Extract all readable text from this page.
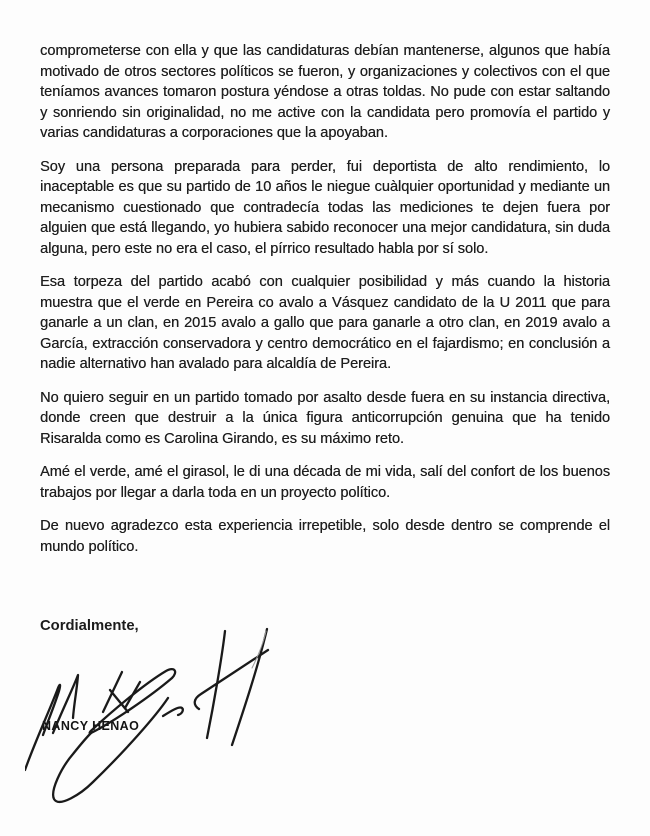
comprometerse con ella y que las candidaturas debían mantenerse, algunos que había motivado de otros sectores políticos se fueron, y organizaciones y colectivos con el que teníamos avances tomaron postura yéndose a otras toldas. No pude con estar saltando y sonriendo sin originalidad, no me active con la candidata pero promovía el partido y varias candidaturas a corporaciones que la apoyaban.

Soy una persona preparada para perder, fui deportista de alto rendimiento, lo inaceptable es que su partido de 10 años le niegue cuàlquier oportunidad y mediante un mecanismo cuestionado que contradecía todas las mediciones te dejen fuera por alguien que está llegando, yo hubiera sabido reconocer una mejor candidatura, sin duda alguna, pero este no era el caso, el pírrico resultado habla por sí solo.

Esa torpeza del partido acabó con cualquier posibilidad y más cuando la historia muestra que el verde en Pereira co avalo a Vásquez candidato de la U 2011 que para ganarle a un clan, en 2015 avalo a gallo que para ganarle a otro clan, en 2019 avalo a García, extracción conservadora y centro democrático en el fajardismo; en conclusión a nadie alternativo han avalado para alcaldía de Pereira.

No quiero seguir en un partido tomado por asalto desde fuera en su instancia directiva, donde creen que destruir a la única figura anticorrupción genuina que ha tenido Risaralda como es Carolina Girando, es su máximo reto.

Amé el verde, amé el girasol, le di una década de mi vida, salí del confort de los buenos trabajos por llegar a darla toda en un proyecto político.

De nuevo agradezco esta experiencia irrepetible, solo desde dentro se comprende el mundo político.

Cordialmente,
NANCY HENAO
